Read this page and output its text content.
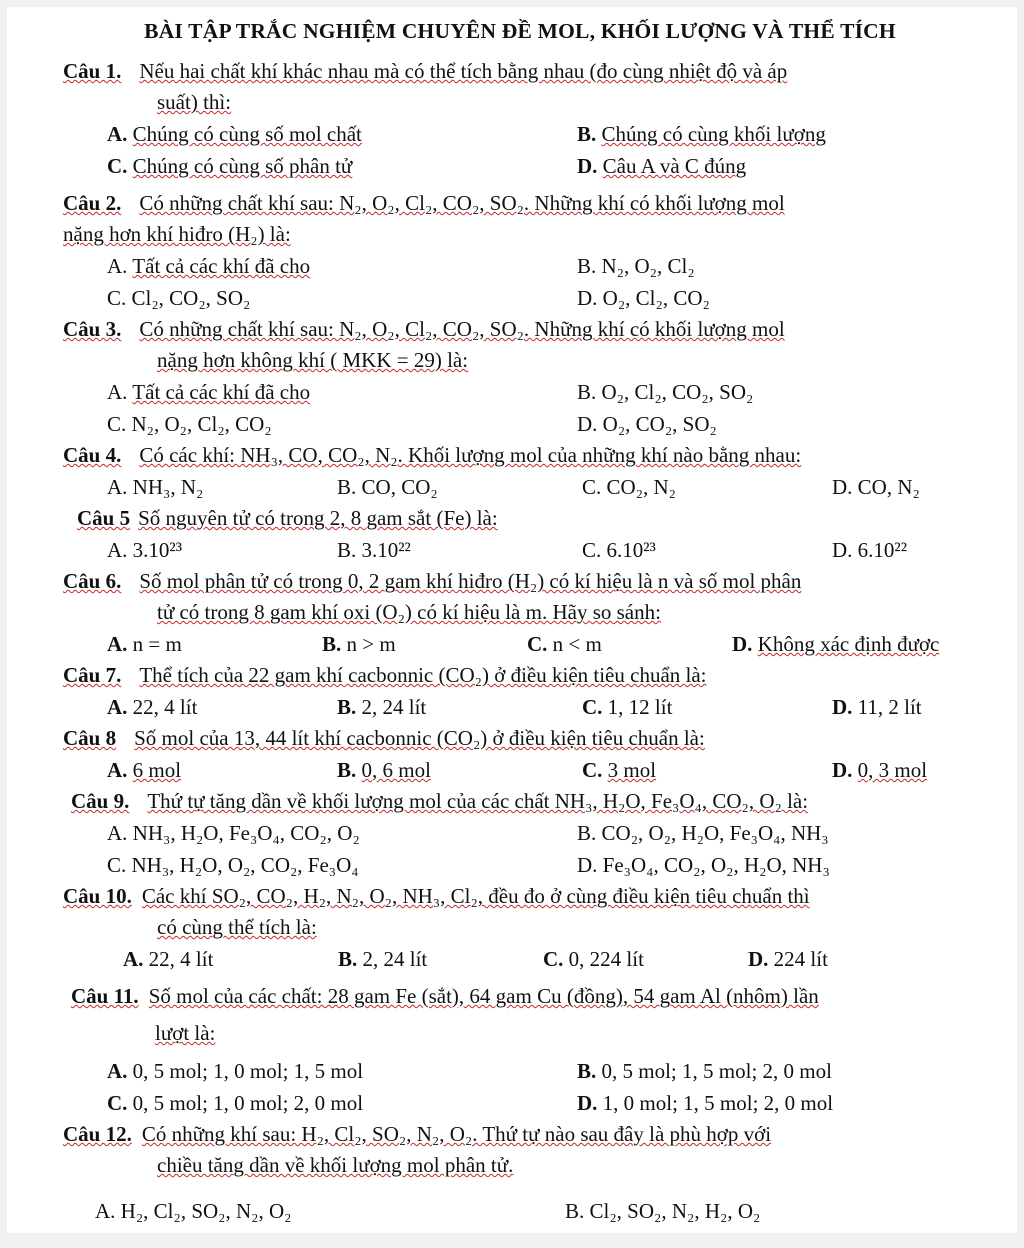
BÀI TẬP TRẮC NGHIỆM CHUYÊN ĐỀ MOL, KHỐI LƯỢNG VÀ THỂ TÍCH
Câu 1. Nếu hai chất khí khác nhau mà có thể tích bằng nhau (đo cùng nhiệt độ và áp
suất) thì:
A. Chúng có cùng số mol chất	B. Chúng có cùng khối lượng
C. Chúng có cùng số phân tử	D. Câu A và C đúng
Câu 2. Có những chất khí sau: N₂, O₂, Cl₂, CO₂, SO₂. Những khí có khối lượng mol
nặng hơn khí hiđro (H₂) là:
A. Tất cả các khí đã cho	B. N₂, O₂, Cl₂
C. Cl₂, CO₂, SO₂	D. O₂, Cl₂, CO₂
Câu 3. Có những chất khí sau: N₂, O₂, Cl₂, CO₂, SO₂. Những khí có khối lượng mol
nặng hơn không khí ( MKK = 29) là:
A. Tất cả các khí đã cho	B. O₂, Cl₂, CO₂, SO₂
C. N₂, O₂, Cl₂, CO₂	D. O₂, CO₂, SO₂
Câu 4. Có các khí: NH₃, CO, CO₂, N₂. Khối lượng mol của những khí nào bằng nhau:
A. NH₃, N₂	B. CO, CO₂	C. CO₂, N₂	D. CO, N₂
Câu 5 Số nguyên tử có trong 2, 8 gam sắt (Fe) là:
A. 3.10²³	B. 3.10²²	C. 6.10²³	D. 6.10²²
Câu 6. Số mol phân tử có trong 0, 2 gam khí hiđro (H₂) có kí hiệu là n và số mol phân
tử có trong 8 gam khí oxi (O₂) có kí hiệu là m. Hãy so sánh:
A. n = m	B. n > m	C. n < m	D. Không xác định được
Câu 7. Thể tích của 22 gam khí cacbonnic (CO₂) ở điều kiện tiêu chuẩn là:
A. 22, 4 lít	B. 2, 24 lít	C. 1, 12 lít	D. 11, 2 lít
Câu 8 Số mol của 13, 44 lít khí cacbonnic (CO₂) ở điều kiện tiêu chuẩn là:
A. 6 mol	B. 0, 6 mol	C. 3 mol	D. 0, 3 mol
Câu 9. Thứ tự tăng dần về khối lượng mol của các chất NH₃, H₂O, Fe₃O₄, CO₂, O₂ là:
A. NH₃, H₂O, Fe₃O₄, CO₂, O₂	B. CO₂, O₂, H₂O, Fe₃O₄, NH₃
C. NH₃, H₂O, O₂, CO₂, Fe₃O₄	D. Fe₃O₄, CO₂, O₂, H₂O, NH₃
Câu 10. Các khí SO₂, CO₂, H₂, N₂, O₂, NH₃, Cl₂, đều đo ở cùng điều kiện tiêu chuẩn thì
có cùng thể tích là:
A. 22, 4 lít	B. 2, 24 lít	C. 0, 224 lít	D. 224 lít
Câu 11. Số mol của các chất: 28 gam Fe (sắt), 64 gam Cu (đồng), 54 gam Al (nhôm) lần
lượt là:
A. 0, 5 mol; 1, 0 mol; 1, 5 mol	B. 0, 5 mol; 1, 5 mol; 2, 0 mol
C. 0, 5 mol; 1, 0 mol; 2, 0 mol	D. 1, 0 mol; 1, 5 mol; 2, 0 mol
Câu 12. Có những khí sau: H₂, Cl₂, SO₂, N₂, O₂. Thứ tự nào sau đây là phù hợp với
chiều tăng dần về khối lượng mol phân tử.
A. H₂, Cl₂, SO₂, N₂, O₂	B. Cl₂, SO₂, N₂, H₂, O₂
